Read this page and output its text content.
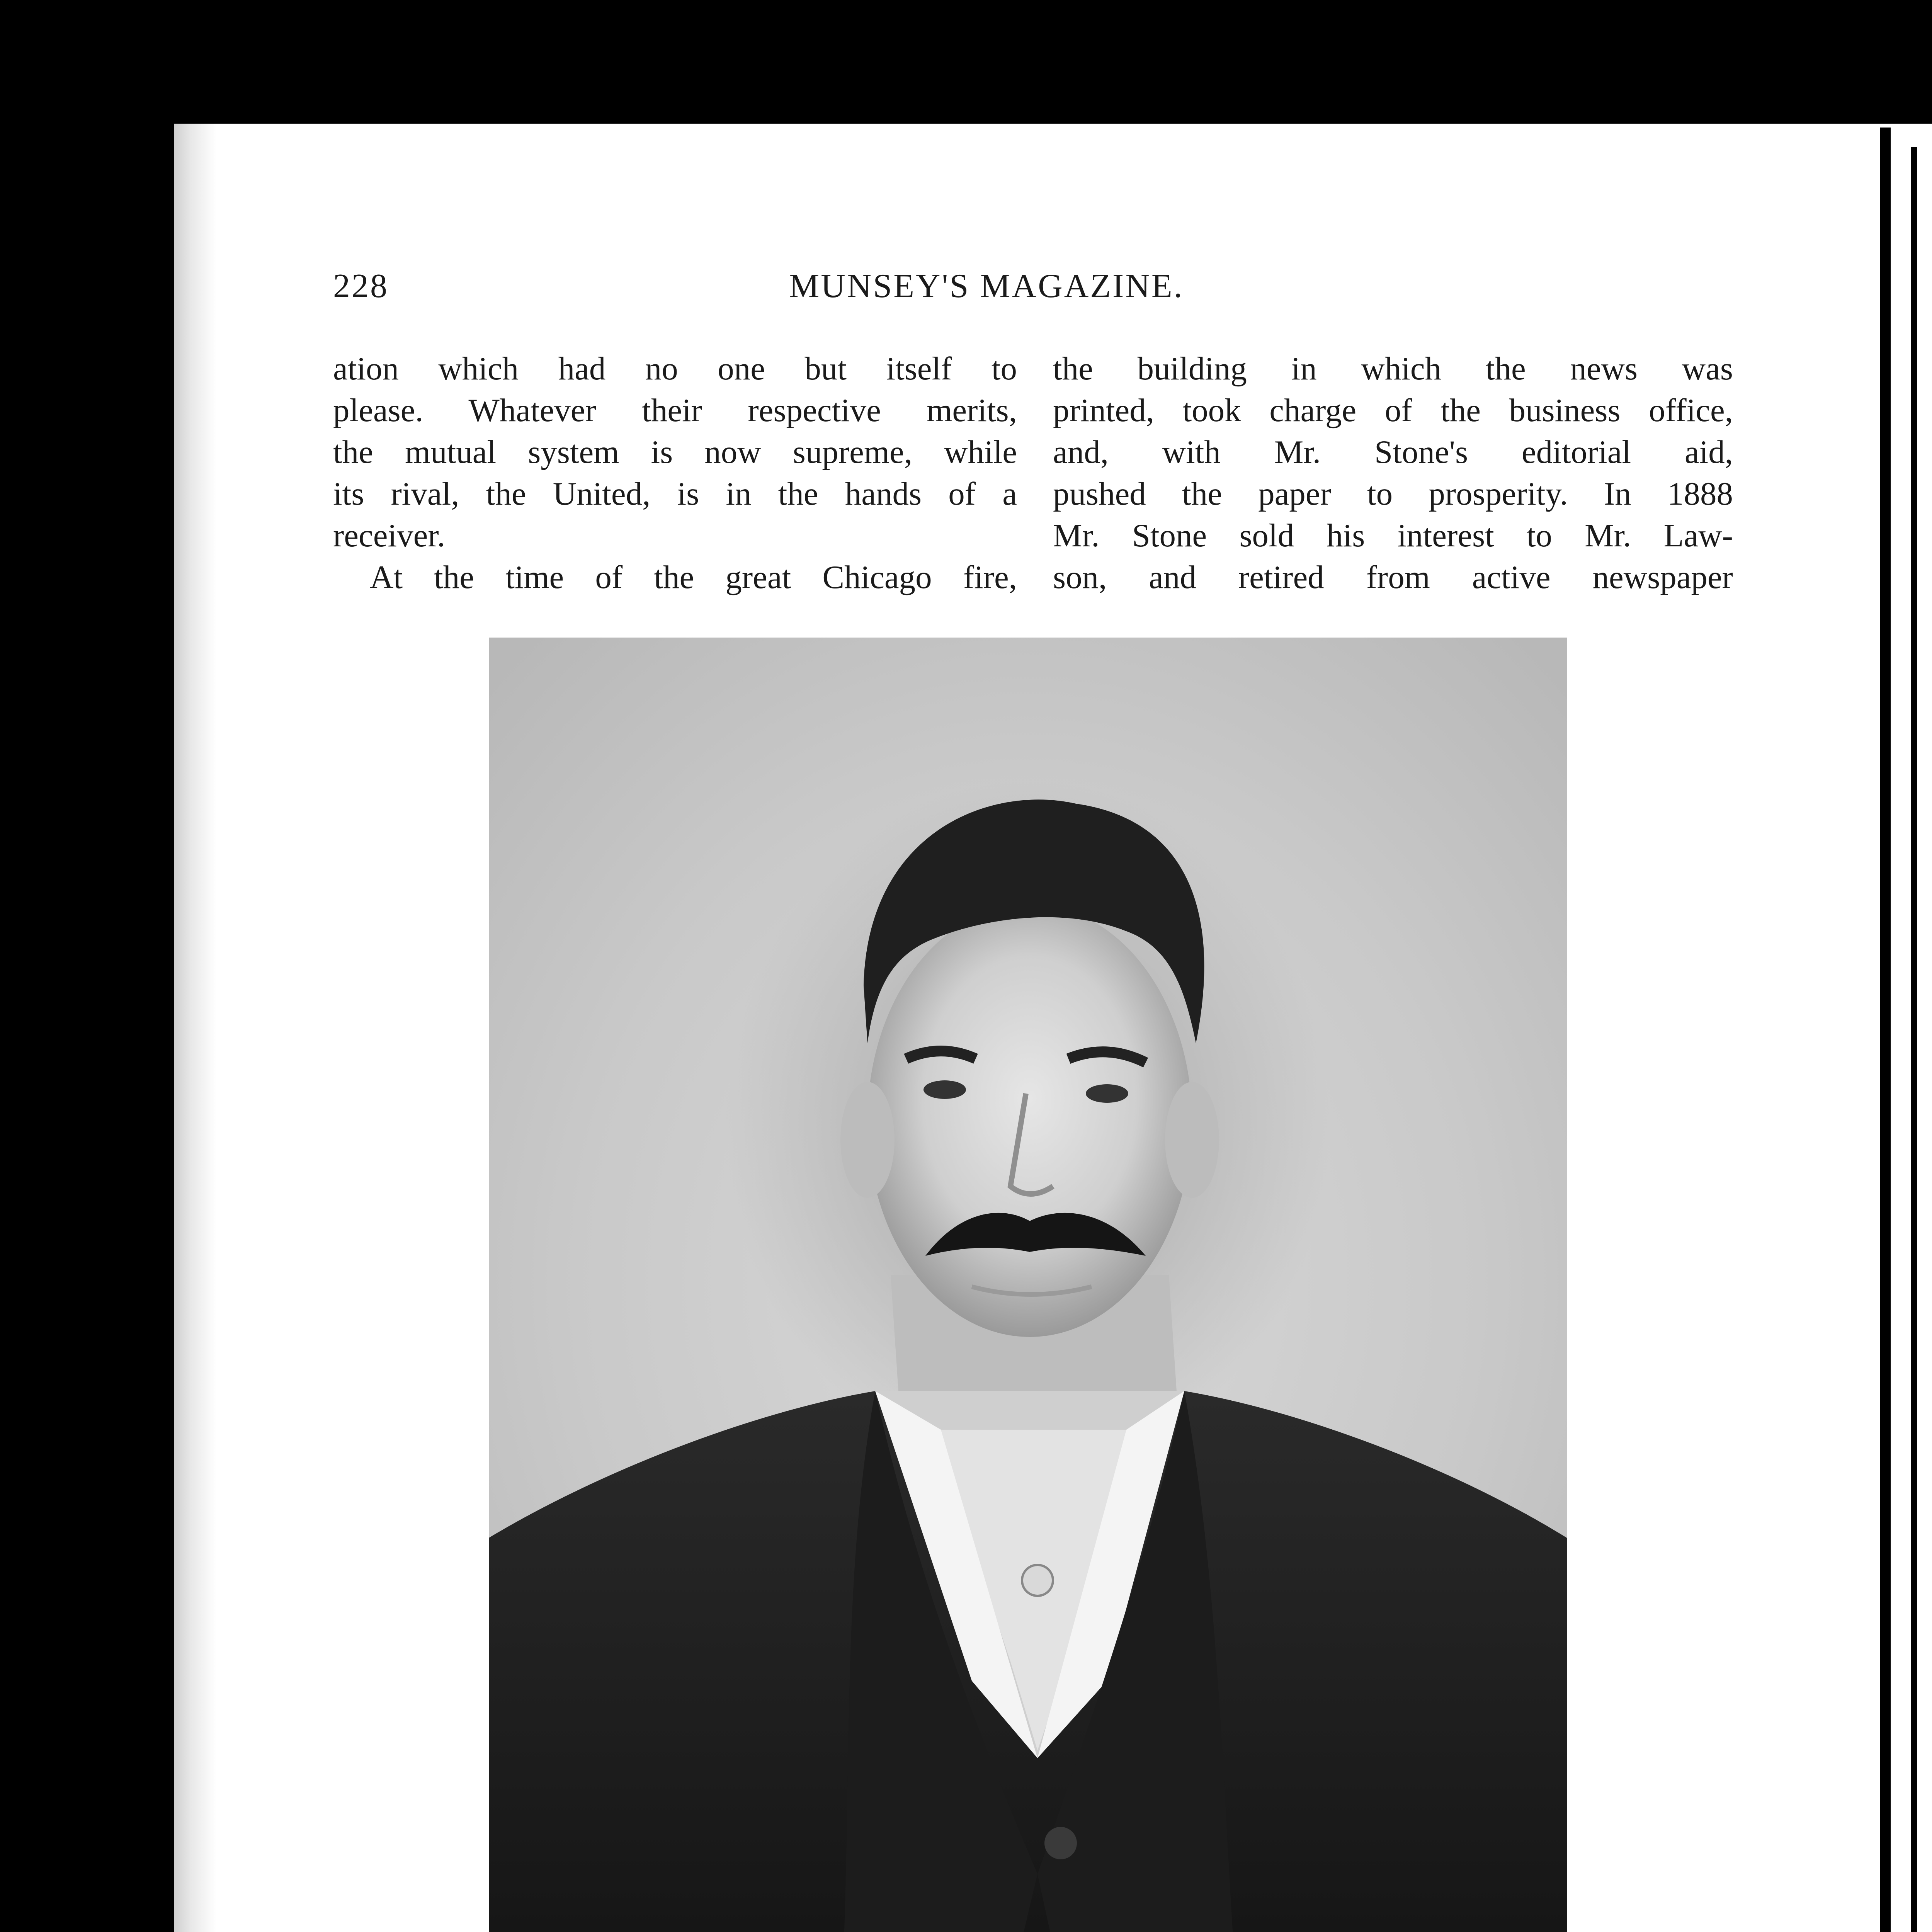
228	MUNSEY'S MAGAZINE.

ation which had no one but itself to
please. Whatever their respective merits,
the mutual system is now supreme, while
its rival, the United, is in the hands of a
receiver.

At the time of the great Chicago fire,

the building in which the news was
printed, took charge of the business office,
and, with Mr. Stone's editorial aid,
pushed the paper to prosperity. In 1888
Mr. Stone sold his interest to Mr. Law-
son, and retired from active newspaper
